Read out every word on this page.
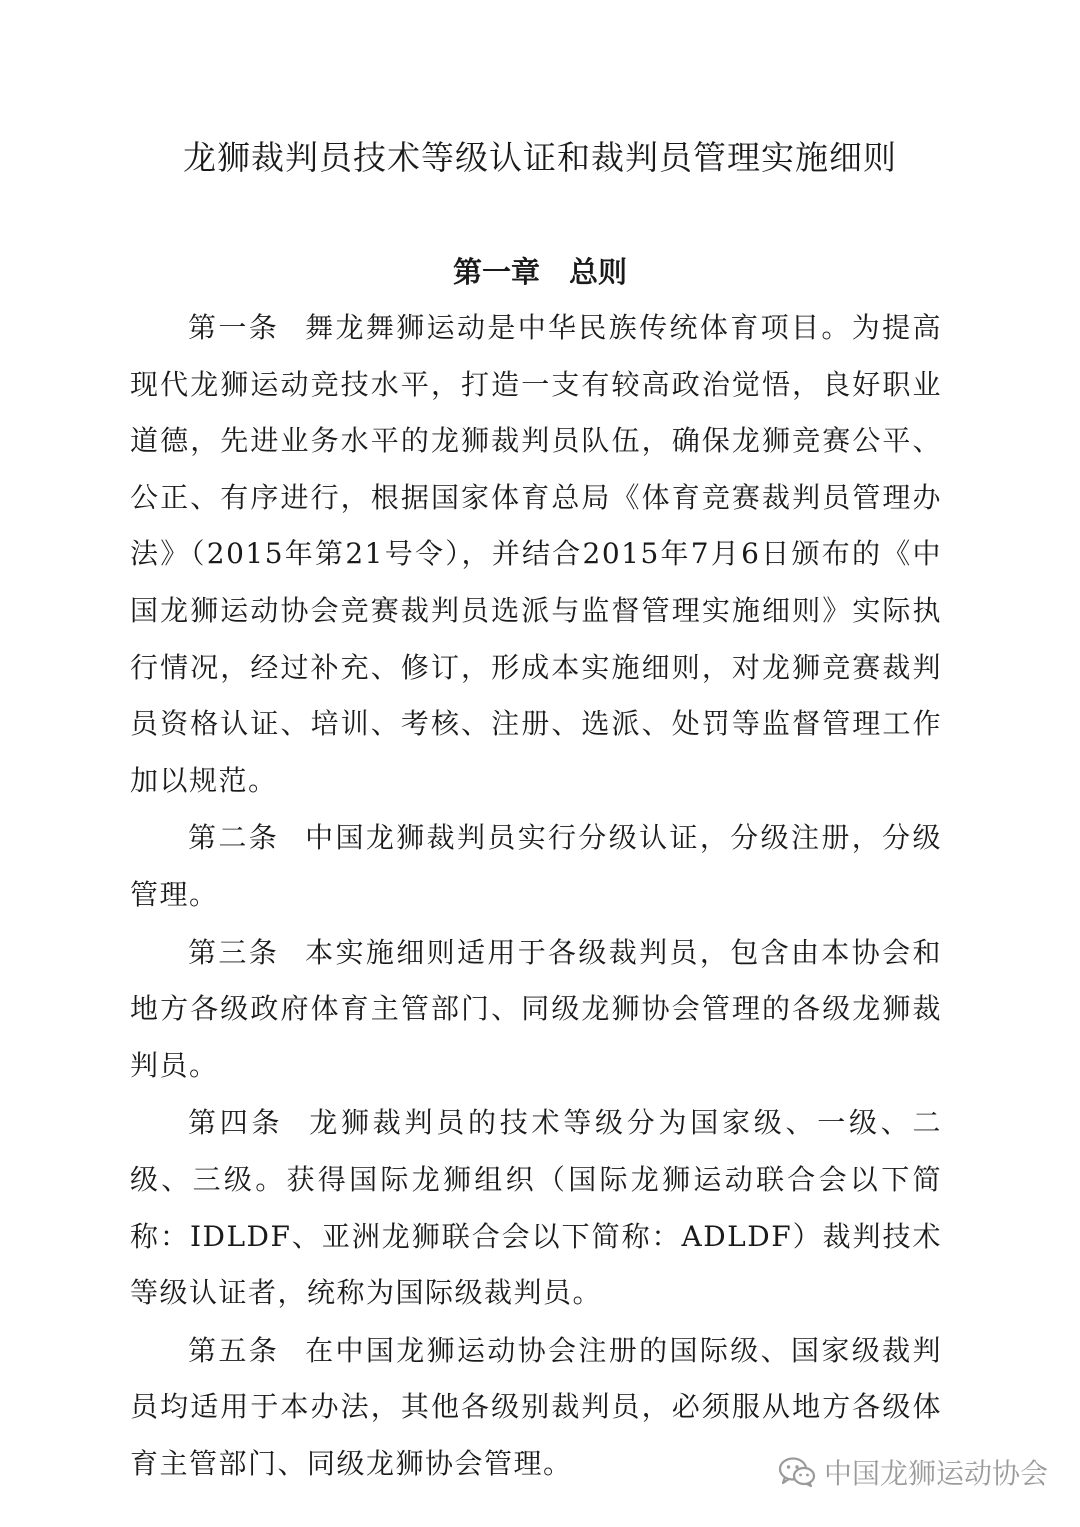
龙狮裁判员技术等级认证和裁判员管理实施细则
第一章　总则

第一条 舞龙舞狮运动是中华民族传统体育项目。为提高现代龙狮运动竞技水平，打造一支有较高政治觉悟，良好职业道德，先进业务水平的龙狮裁判员队伍，确保龙狮竞赛公平、公正、有序进行，根据国家体育总局《体育竞赛裁判员管理办法》（2015年第21号令），并结合2015年7月6日颁布的《中国龙狮运动协会竞赛裁判员选派与监督管理实施细则》实际执行情况，经过补充、修订，形成本实施细则，对龙狮竞赛裁判员资格认证、培训、考核、注册、选派、处罚等监督管理工作加以规范。

第二条 中国龙狮裁判员实行分级认证，分级注册，分级管理。

第三条 本实施细则适用于各级裁判员，包含由本协会和地方各级政府体育主管部门、同级龙狮协会管理的各级龙狮裁判员。

第四条 龙狮裁判员的技术等级分为国家级、一级、二级、三级。获得国际龙狮组织（国际龙狮运动联合会以下简称：IDLDF、亚洲龙狮联合会以下简称：ADLDF）裁判技术等级认证者，统称为国际级裁判员。

第五条 在中国龙狮运动协会注册的国际级、国家级裁判员均适用于本办法，其他各级别裁判员，必须服从地方各级体育主管部门、同级龙狮协会管理。	中国龙狮运动协会
